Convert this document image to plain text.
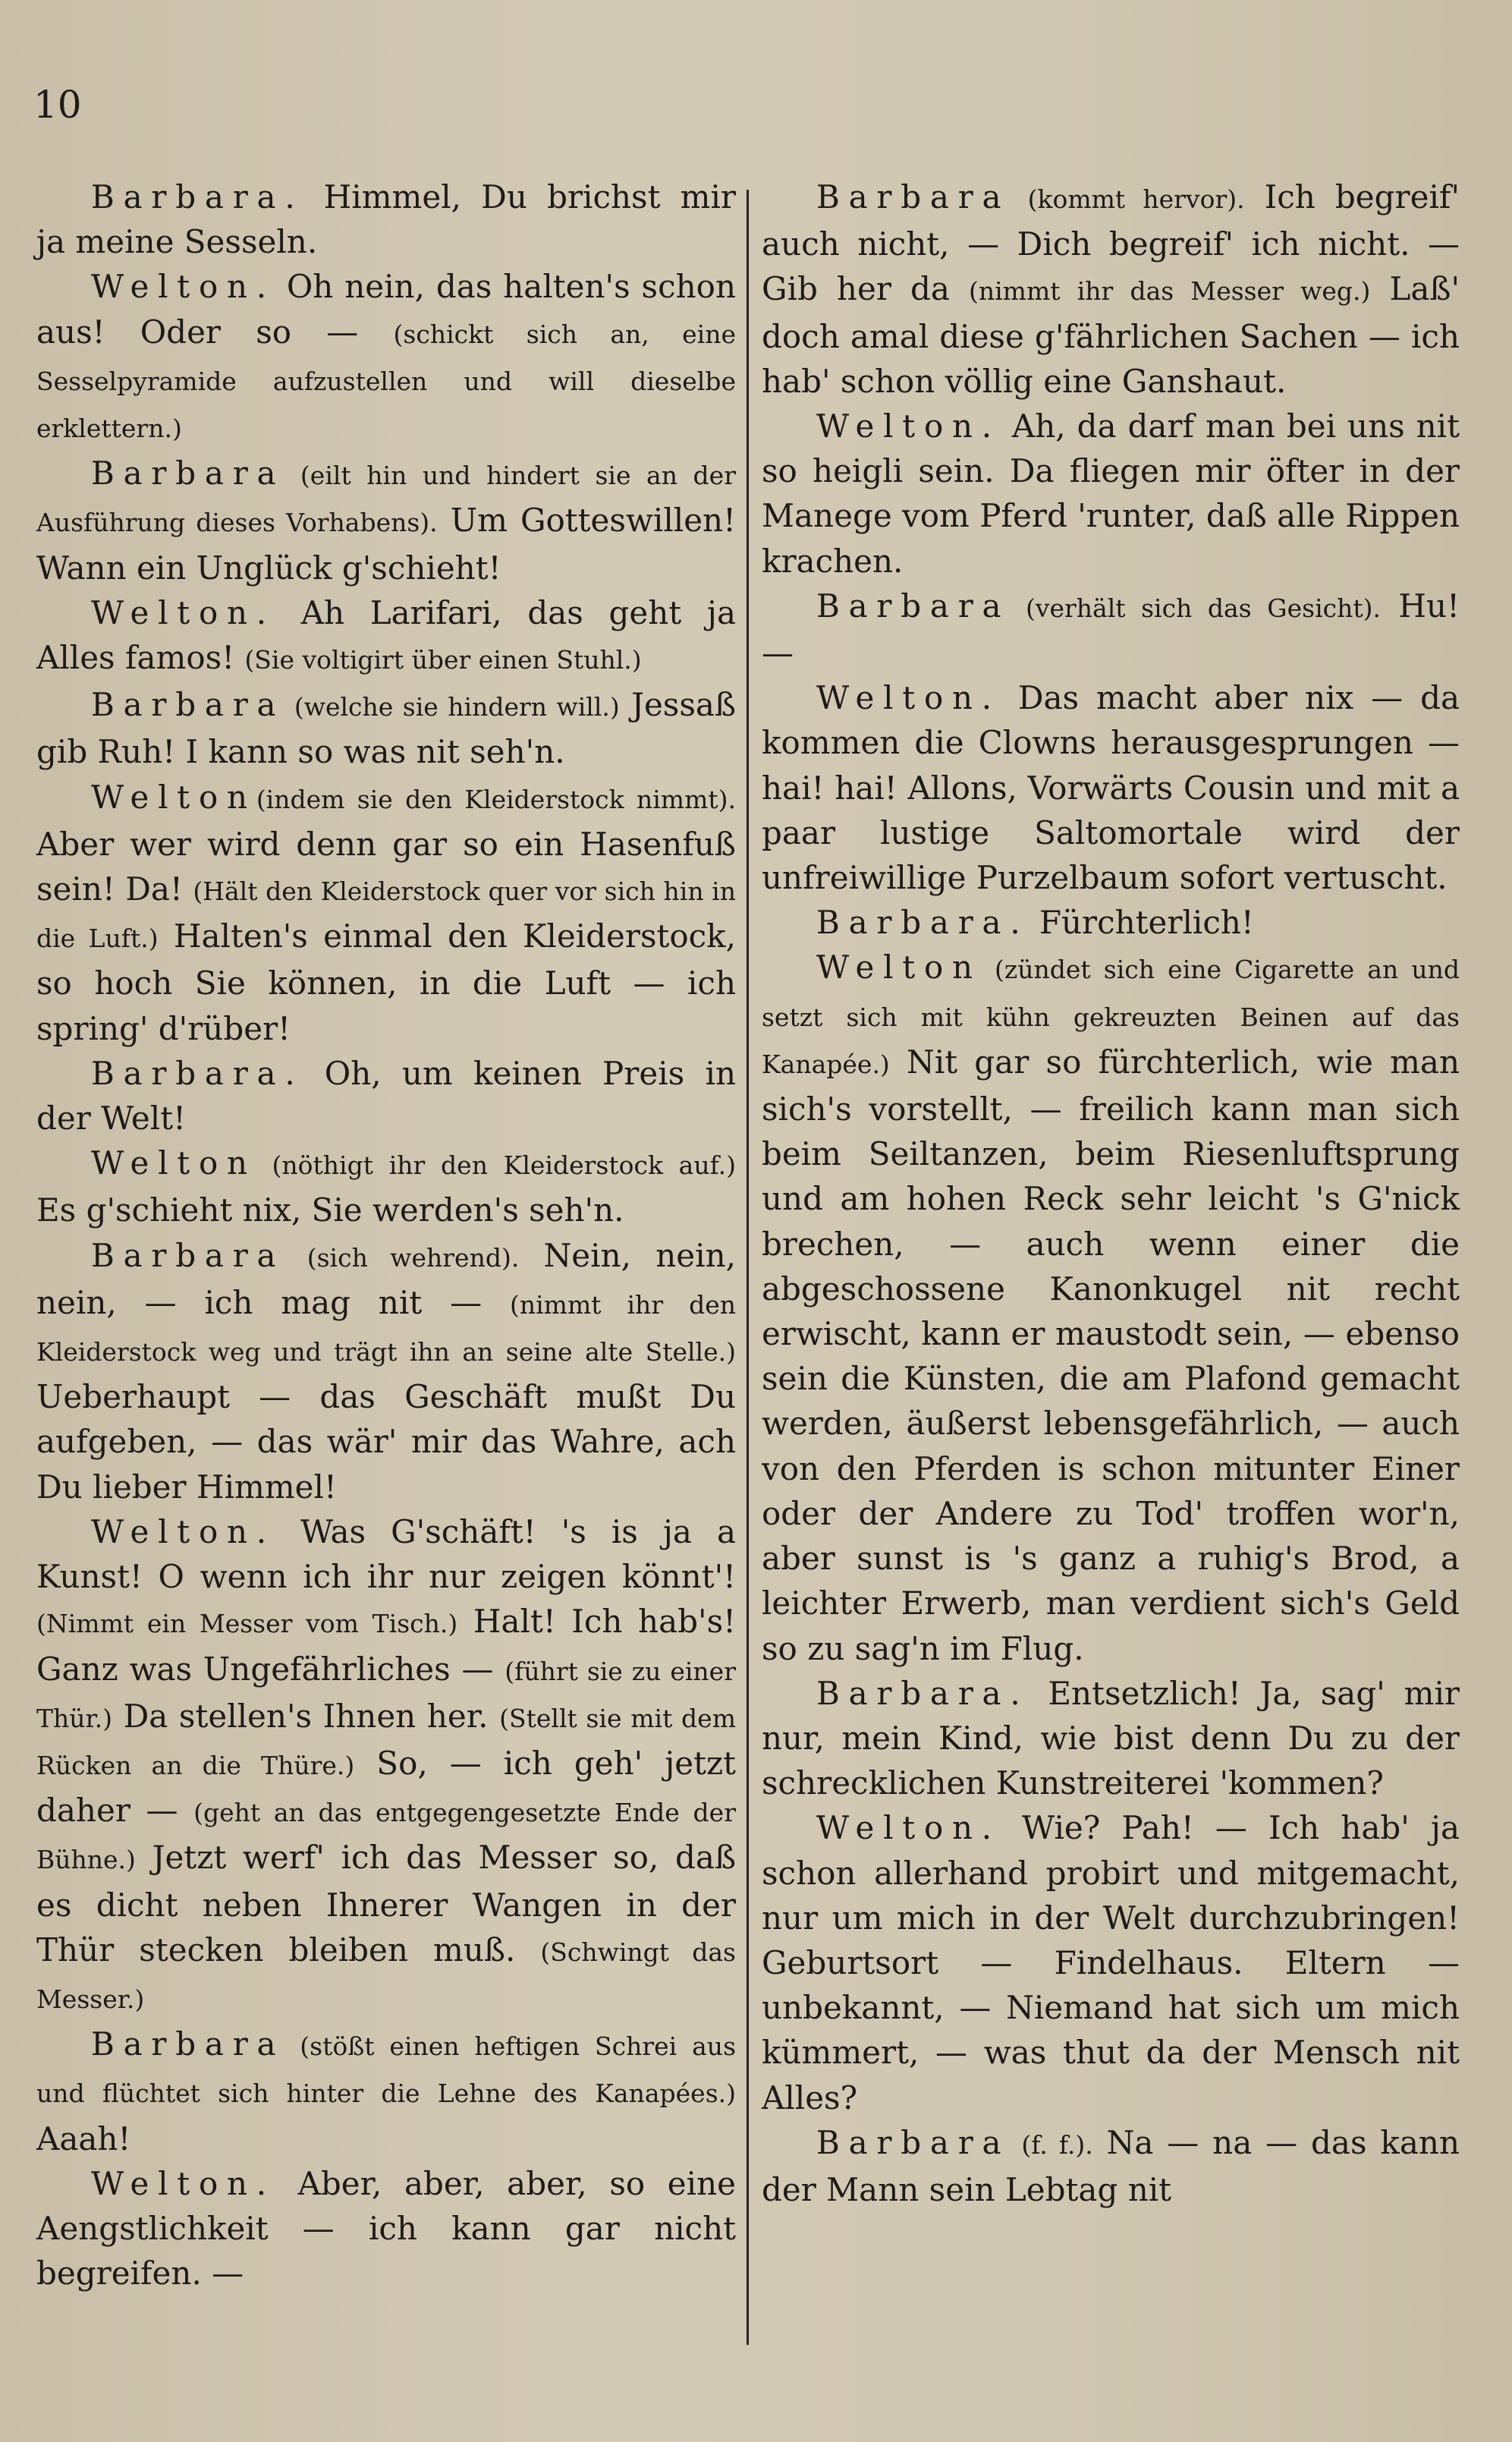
10

Barbara. Himmel, Du brichst mir ja meine Sesseln.

Welton. Oh nein, das halten's schon aus! Oder so — (schickt sich an, eine Sesselpyramide aufzustellen und will dieselbe erklettern.)

Barbara (eilt hin und hindert sie an der Ausführung dieses Vorhabens). Um Gotteswillen! Wann ein Unglück g'schieht!

Welton. Ah Larifari, das geht ja Alles famos! (Sie voltigirt über einen Stuhl.)

Barbara (welche sie hindern will.) Jessaß gib Ruh! I kann so was nit seh'n.

Welton(indem sie den Kleiderstock nimmt). Aber wer wird denn gar so ein Hasenfuß sein! Da! (Hält den Kleiderstock quer vor sich hin in die Luft.) Halten's einmal den Kleiderstock, so hoch Sie können, in die Luft — ich spring' d'rüber!

Barbara. Oh, um keinen Preis in der Welt!

Welton (nöthigt ihr den Kleiderstock auf.) Es g'schieht nix, Sie werden's seh'n.

Barbara (sich wehrend). Nein, nein, nein, — ich mag nit — (nimmt ihr den Kleiderstock weg und trägt ihn an seine alte Stelle.) Ueberhaupt — das Geschäft mußt Du aufgeben, — das wär' mir das Wahre, ach Du lieber Himmel!

Welton. Was G'schäft! 's is ja a Kunst! O wenn ich ihr nur zeigen könnt'! (Nimmt ein Messer vom Tisch.) Halt! Ich hab's! Ganz was Ungefährliches — (führt sie zu einer Thür.) Da stellen's Ihnen her. (Stellt sie mit dem Rücken an die Thüre.) So, — ich geh' jetzt daher — (geht an das entgegengesetzte Ende der Bühne.) Jetzt werf' ich das Messer so, daß es dicht neben Ihnerer Wangen in der Thür stecken bleiben muß. (Schwingt das Messer.)

Barbara (stößt einen heftigen Schrei aus und flüchtet sich hinter die Lehne des Kanapées.) Aaah!

Welton. Aber, aber, aber, so eine Aengstlichkeit — ich kann gar nicht begreifen. —

Barbara (kommt hervor). Ich begreif' auch nicht, — Dich begreif' ich nicht. — Gib her da (nimmt ihr das Messer weg.) Laß' doch amal diese g'fährlichen Sachen — ich hab' schon völlig eine Ganshaut.

Welton. Ah, da darf man bei uns nit so heigli sein. Da fliegen mir öfter in der Manege vom Pferd 'runter, daß alle Rippen krachen.

Barbara (verhält sich das Gesicht). Hu! —

Welton. Das macht aber nix — da kommen die Clowns herausgesprungen — hai! hai! Allons, Vorwärts Cousin und mit a paar lustige Saltomortale wird der unfreiwillige Purzelbaum sofort vertuscht.

Barbara. Fürchterlich!

Welton (zündet sich eine Cigarette an und setzt sich mit kühn gekreuzten Beinen auf das Kanapée.) Nit gar so fürchterlich, wie man sich's vorstellt, — freilich kann man sich beim Seiltanzen, beim Riesenluftsprung und am hohen Reck sehr leicht 's G'nick brechen, — auch wenn einer die abgeschossene Kanonkugel nit recht erwischt, kann er maustodt sein, — ebenso sein die Künsten, die am Plafond gemacht werden, äußerst lebensgefährlich, — auch von den Pferden is schon mitunter Einer oder der Andere zu Tod' troffen wor'n, aber sunst is 's ganz a ruhig's Brod, a leichter Erwerb, man verdient sich's Geld so zu sag'n im Flug.

Barbara. Entsetzlich! Ja, sag' mir nur, mein Kind, wie bist denn Du zu der schrecklichen Kunstreiterei 'kommen?

Welton. Wie? Pah! — Ich hab' ja schon allerhand probirt und mitgemacht, nur um mich in der Welt durchzubringen! Geburtsort — Findelhaus. Eltern — unbekannt, — Niemand hat sich um mich kümmert, — was thut da der Mensch nit Alles?

Barbara (f. f.). Na — na — das kann der Mann sein Lebtag nit
